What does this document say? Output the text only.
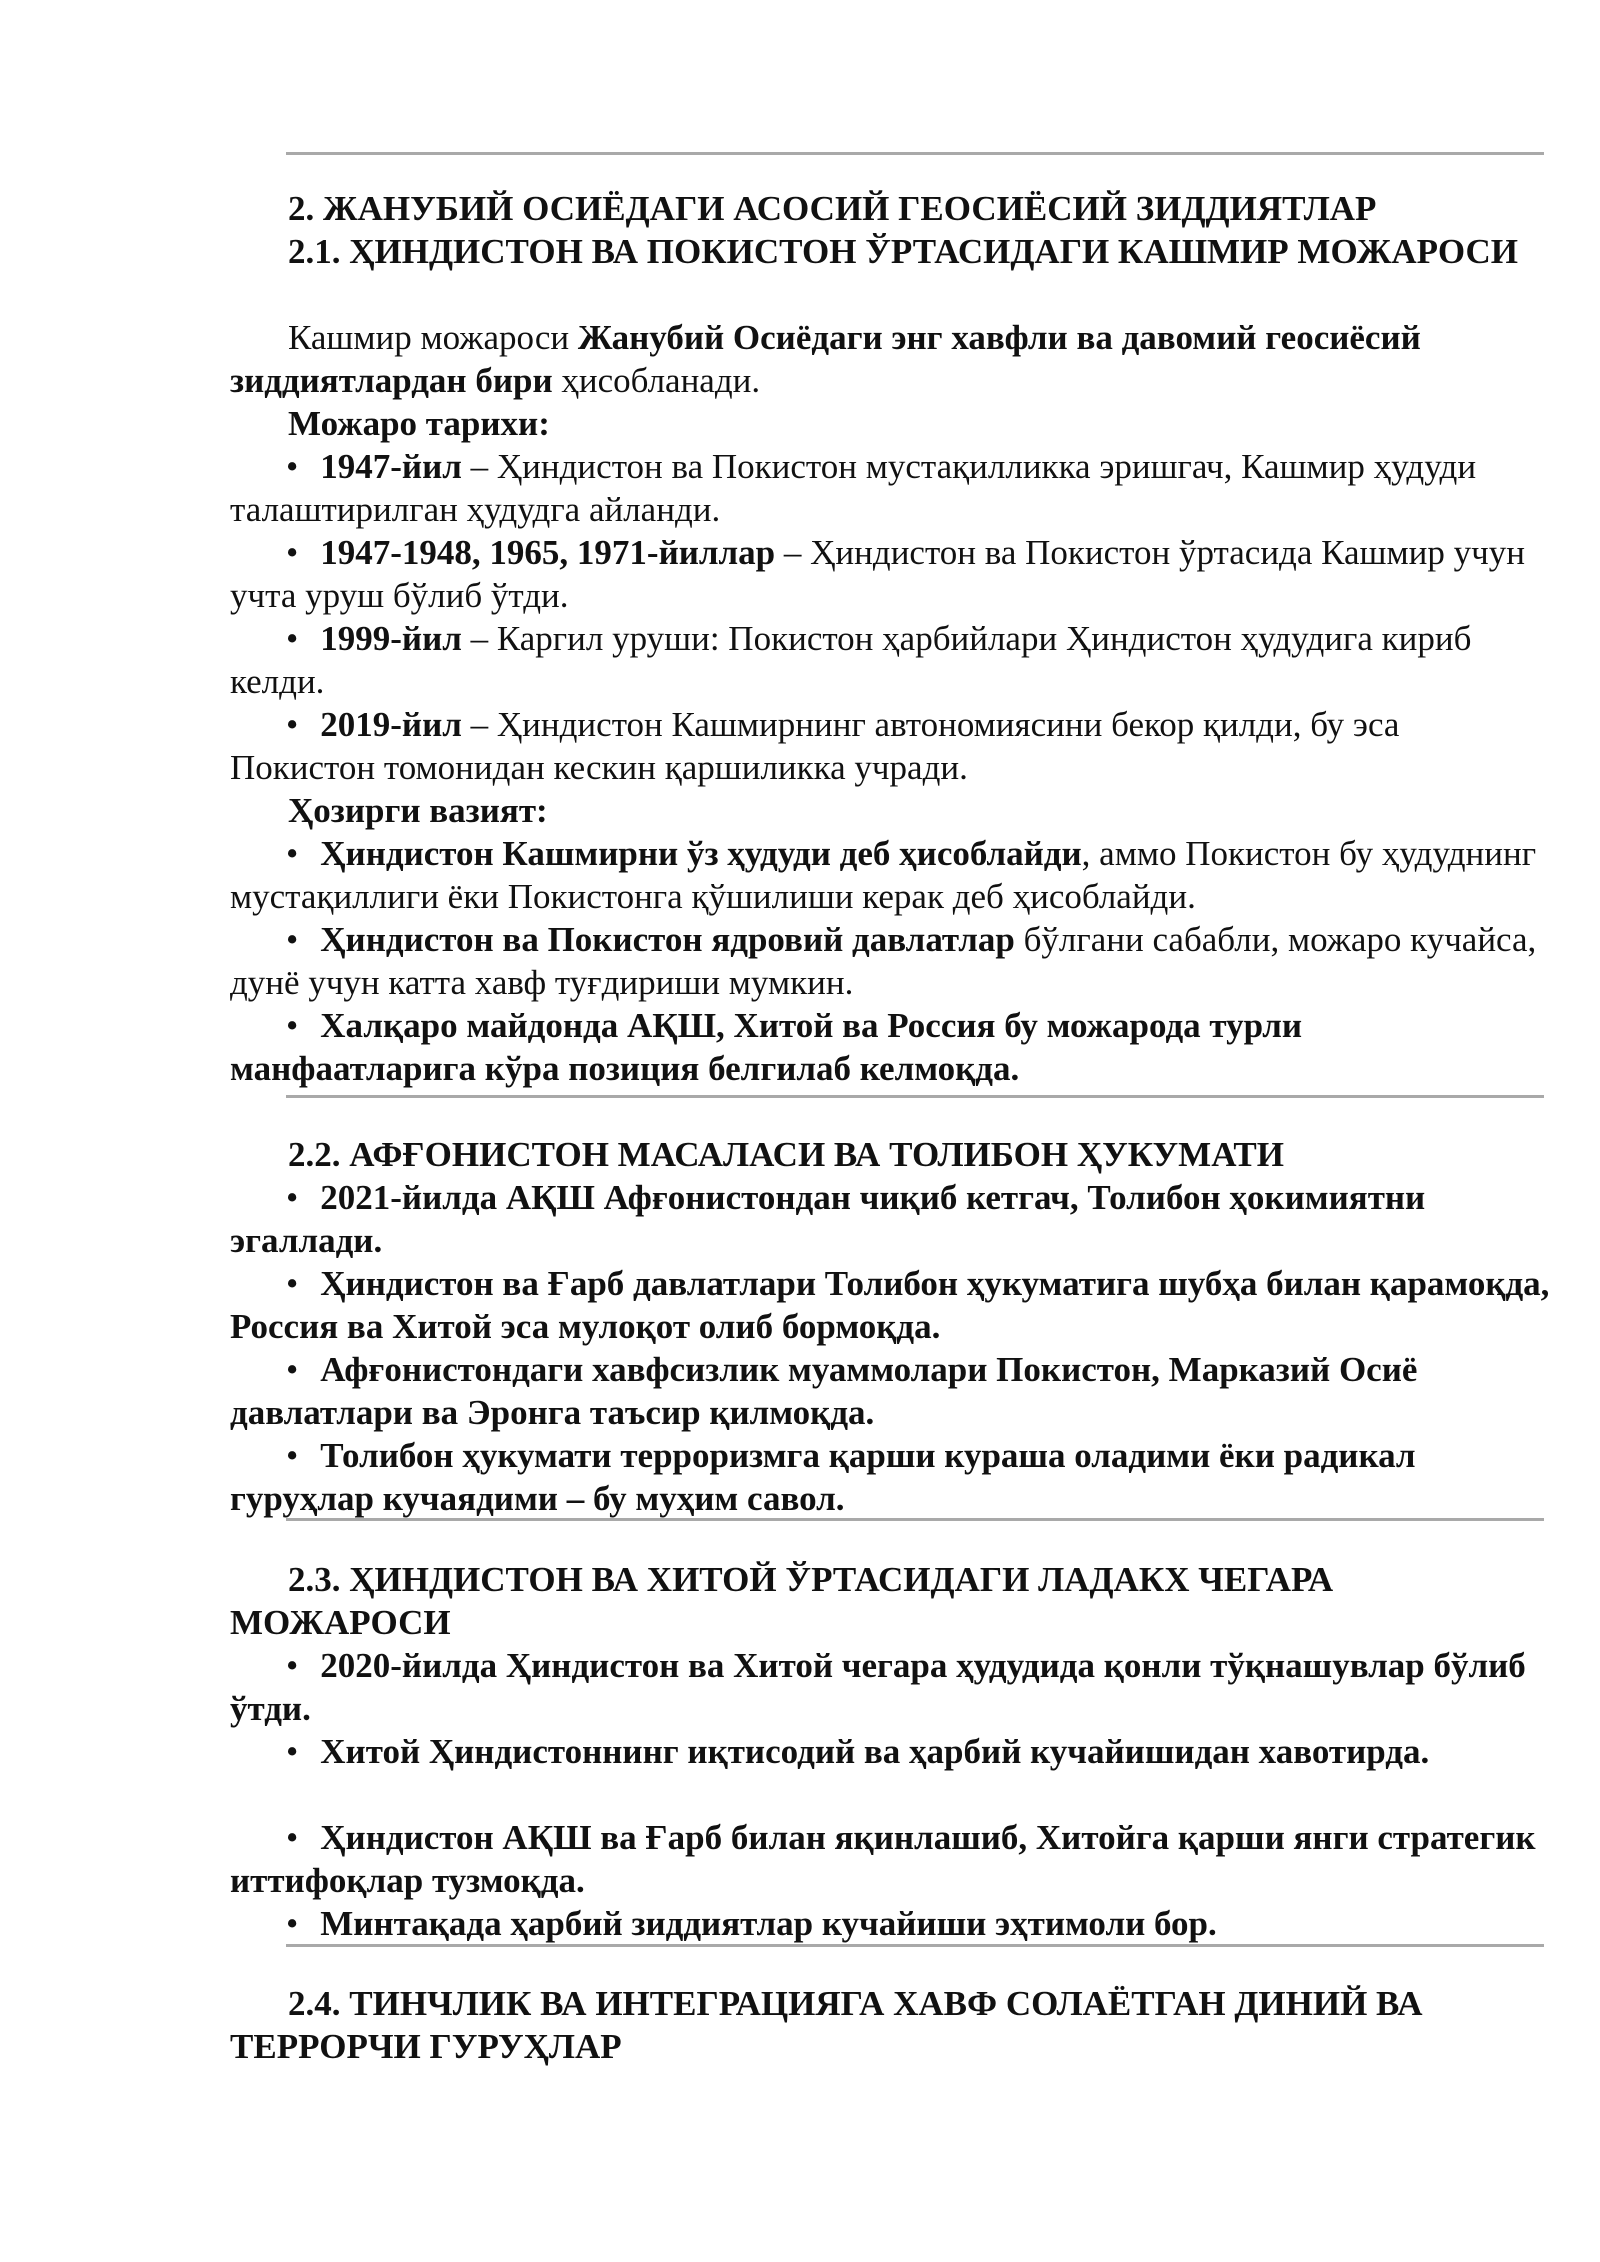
2. ЖАНУБИЙ ОСИЁДАГИ АСОСИЙ ГЕОСИЁСИЙ ЗИДДИЯТЛАР
2.1. ҲИНДИСТОН ВА ПОКИСТОН ЎРТАСИДАГИ КАШМИР МОЖАРОСИ

Кашмир можароси Жанубий Осиёдаги энг хавфли ва давомий геосиёсий зиддиятлардан бири ҳисобланади.

Можаро тарихи:

• 1947-йил – Ҳиндистон ва Покистон мустақилликка эришгач, Кашмир ҳудуди талаштирилган ҳудудга айланди.

• 1947-1948, 1965, 1971-йиллар – Ҳиндистон ва Покистон ўртасида Кашмир учун учта уруш бўлиб ўтди.

• 1999-йил – Каргил уруши: Покистон ҳарбийлари Ҳиндистон ҳудудига кириб келди.

• 2019-йил – Ҳиндистон Кашмирнинг автономиясини бекор қилди, бу эса Покистон томонидан кескин қаршиликка учради.

Ҳозирги вазият:

• Ҳиндистон Кашмирни ўз ҳудуди деб ҳисоблайди, аммо Покистон бу ҳудуднинг мустақиллиги ёки Покистонга қўшилиши керак деб ҳисоблайди.

• Ҳиндистон ва Покистон ядровий давлатлар бўлгани сабабли, можаро кучайса, дунё учун катта хавф туғдириши мумкин.

• Халқаро майдонда АҚШ, Хитой ва Россия бу можарода турли манфаатларига кўра позиция белгилаб келмоқда.

2.2. АФҒОНИСТОН МАСАЛАСИ ВА ТОЛИБОН ҲУКУМАТИ

• 2021-йилда АҚШ Афғонистондан чиқиб кетгач, Толибон ҳокимиятни эгаллади.

• Ҳиндистон ва Ғарб давлатлари Толибон ҳукуматига шубҳа билан қарамоқда, Россия ва Хитой эса мулоқот олиб бормоқда.

• Афғонистондаги хавфсизлик муаммолари Покистон, Марказий Осиё давлатлари ва Эронга таъсир қилмоқда.

• Толибон ҳукумати терроризмга қарши кураша оладими ёки радикал гуруҳлар кучаядими – бу муҳим савол.

2.3. ҲИНДИСТОН ВА ХИТОЙ ЎРТАСИДАГИ ЛАДАКХ ЧЕГАРА МОЖАРОСИ

• 2020-йилда Ҳиндистон ва Хитой чегара ҳудудида қонли тўқнашувлар бўлиб ўтди.

• Хитой Ҳиндистоннинг иқтисодий ва ҳарбий кучайишидан хавотирда.

• Ҳиндистон АҚШ ва Ғарб билан яқинлашиб, Хитойга қарши янги стратегик иттифоқлар тузмоқда.

• Минтақада ҳарбий зиддиятлар кучайиши эҳтимоли бор.

2.4. ТИНЧЛИК ВА ИНТЕГРАЦИЯГА ХАВФ СОЛАЁТГАН ДИНИЙ ВА ТЕРРОРЧИ ГУРУҲЛАР
